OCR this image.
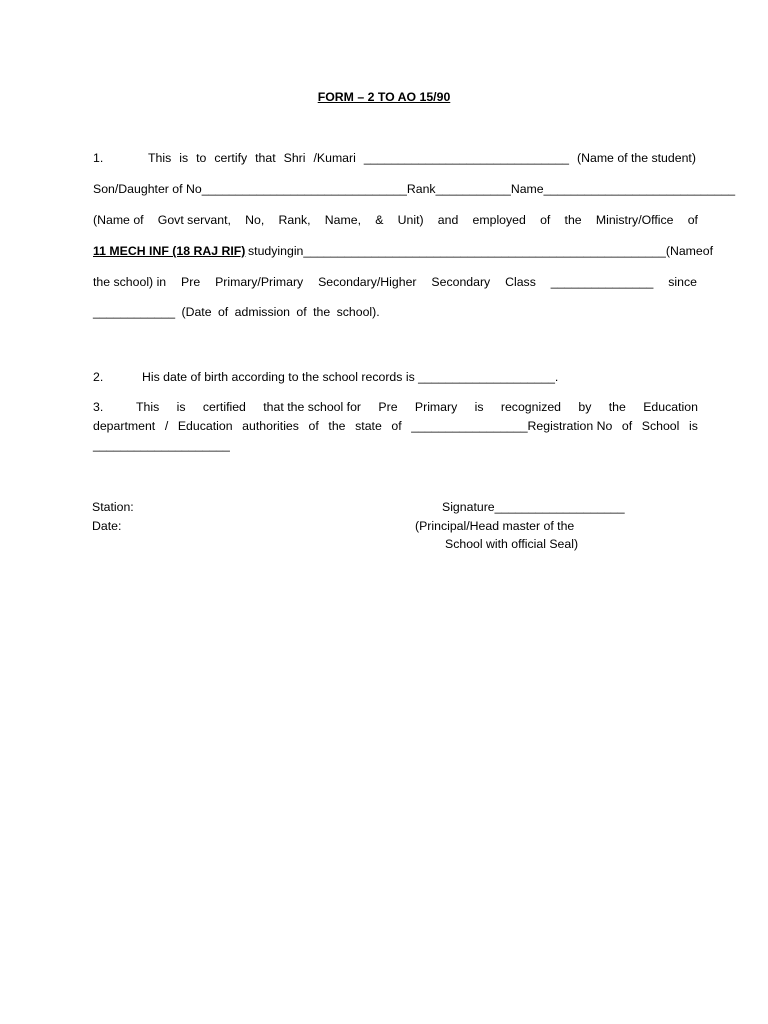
FORM – 2 TO AO 15/90
1.	This is to certify that Shri /Kumari ______________________________ (Name of the student)
Son/Daughter of No ______________________________Rank___________ Name ____________________________
(Name of Govt servant, No, Rank, Name, & Unit) and employed of the Ministry/Office of
11 MECH INF (18 RAJ RIF) studying in _____________________________________________________ (Name of
the school) in Pre Primary/Primary Secondary/Higher Secondary Class _______________ since
____________ (Date of admission of the school).
2.	His date of birth according to the school records is ____________________.
3.	This is certified that the school for Pre Primary is recognized by the Education
department / Education authorities of the state of _________________Registration No of School is
____________________
Station:
Date:
Signature___________________
(Principal/Head master of the
School with official Seal)
